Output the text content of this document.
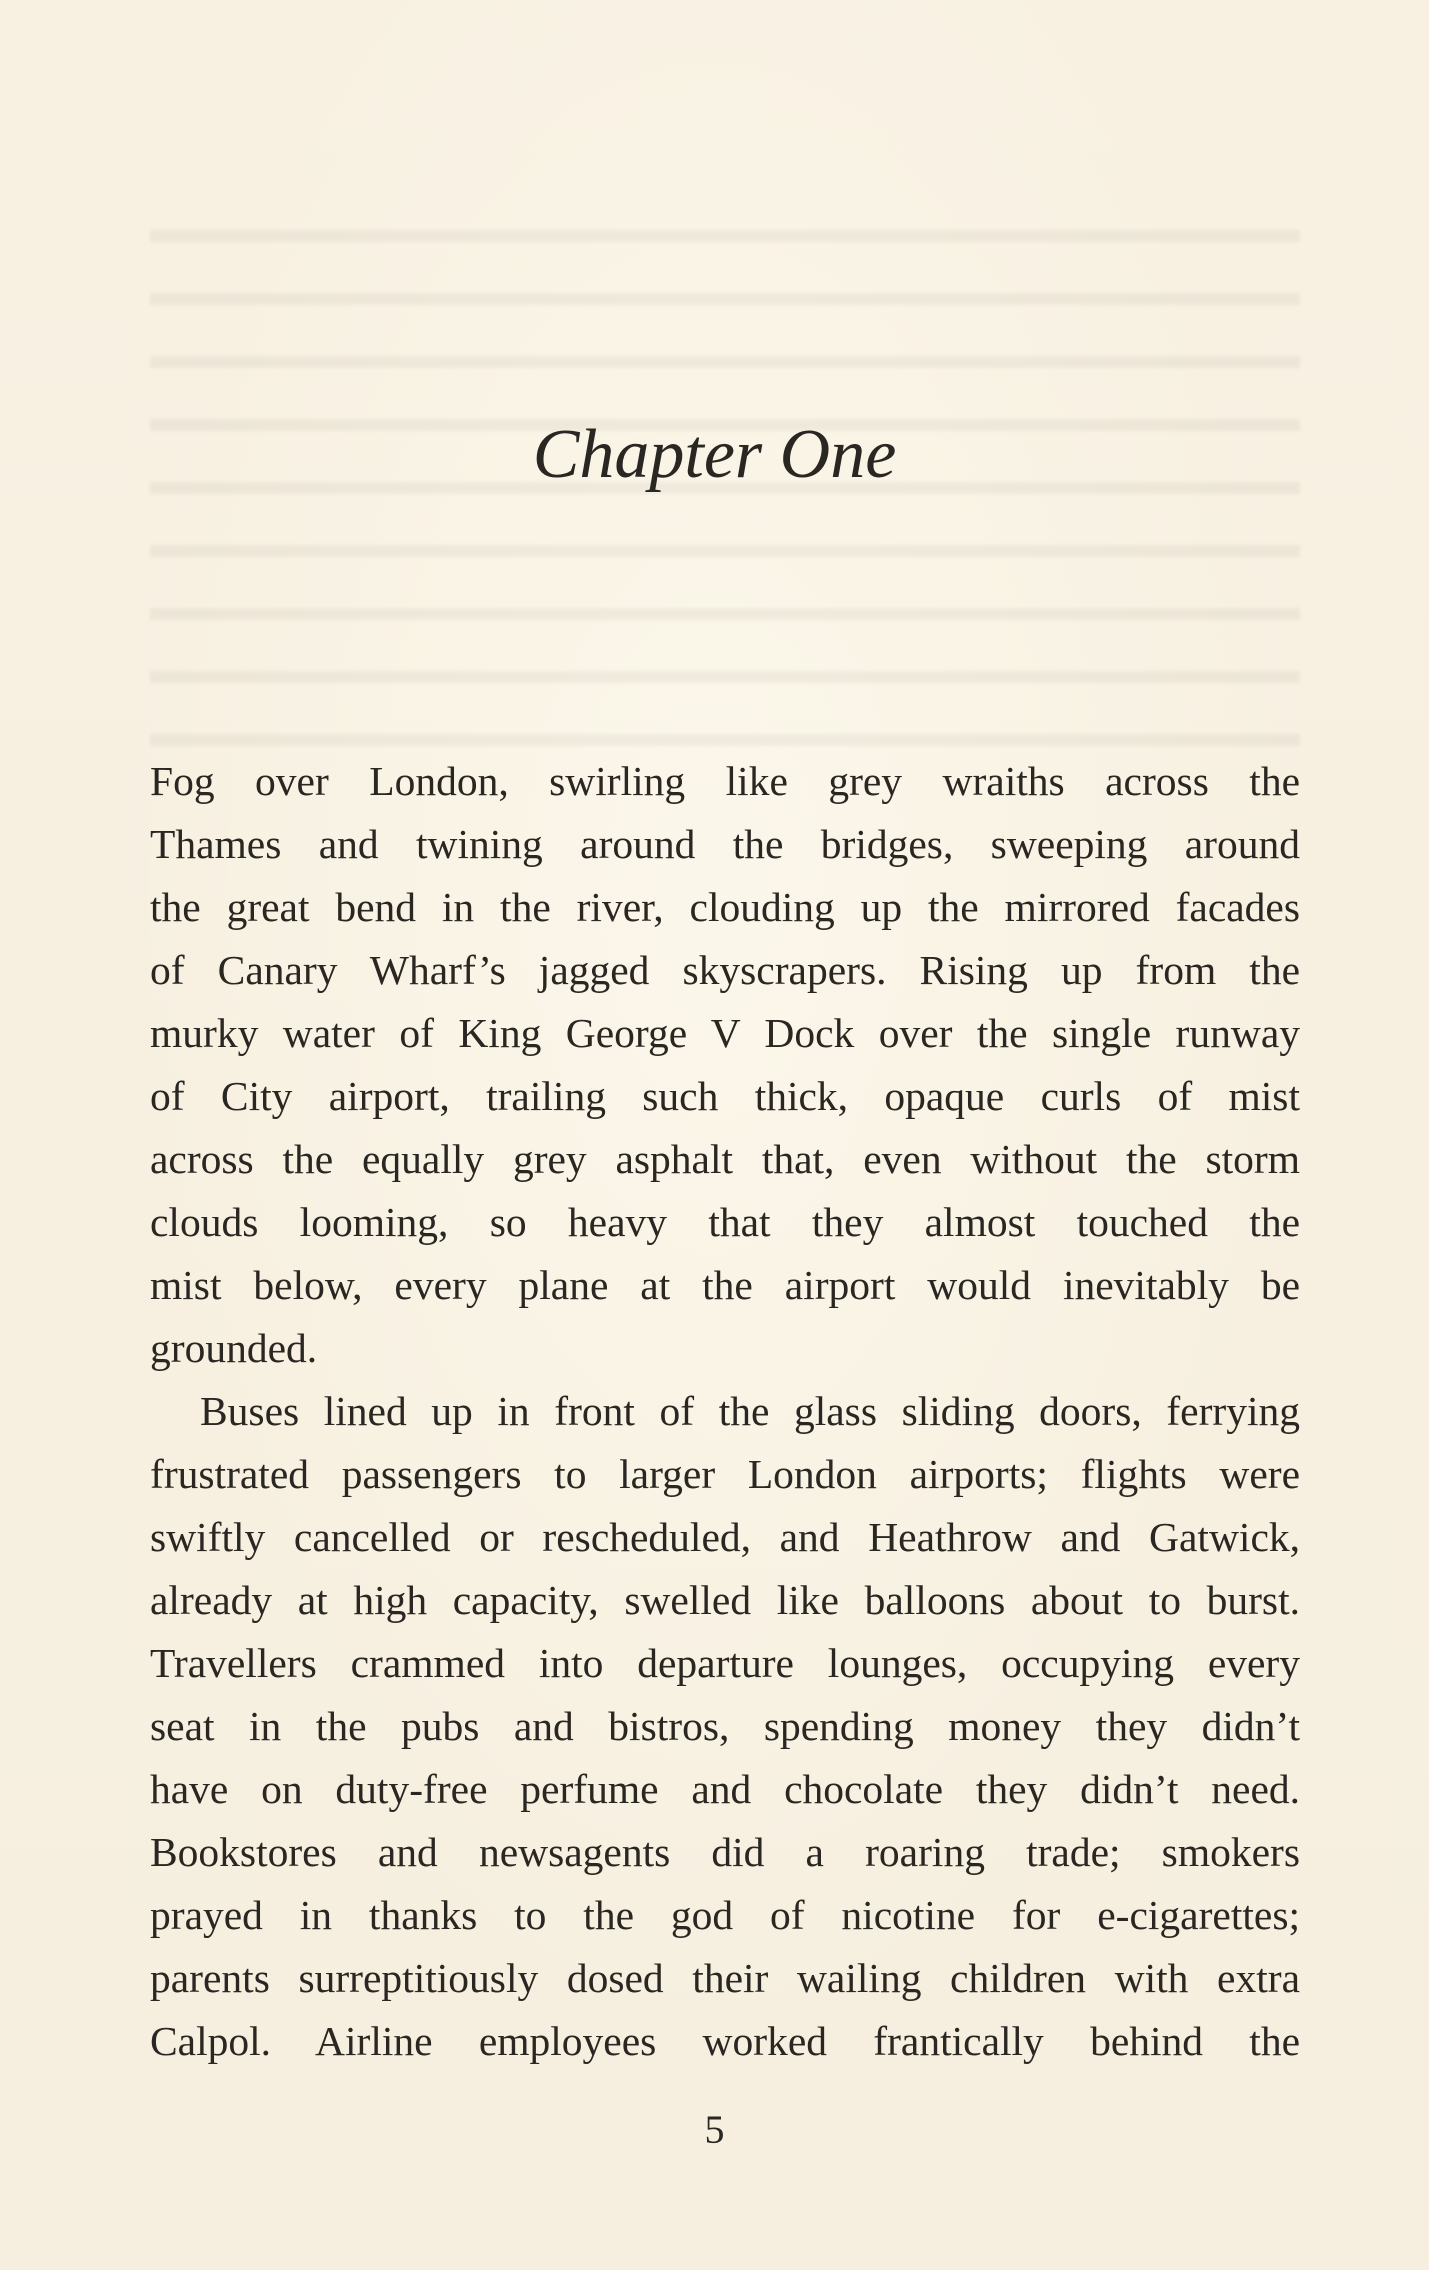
Chapter One
Fog over London, swirling like grey wraiths across the
Thames and twining around the bridges, sweeping around
the great bend in the river, clouding up the mirrored facades
of Canary Wharf’s jagged skyscrapers. Rising up from the
murky water of King George V Dock over the single runway
of City airport, trailing such thick, opaque curls of mist
across the equally grey asphalt that, even without the storm
clouds looming, so heavy that they almost touched the
mist below, every plane at the airport would inevitably be
grounded.
Buses lined up in front of the glass sliding doors, ferrying
frustrated passengers to larger London airports; flights were
swiftly cancelled or rescheduled, and Heathrow and Gatwick,
already at high capacity, swelled like balloons about to burst.
Travellers crammed into departure lounges, occupying every
seat in the pubs and bistros, spending money they didn’t
have on duty-free perfume and chocolate they didn’t need.
Bookstores and newsagents did a roaring trade; smokers
prayed in thanks to the god of nicotine for e-cigarettes;
parents surreptitiously dosed their wailing children with extra
Calpol. Airline employees worked frantically behind the
5
